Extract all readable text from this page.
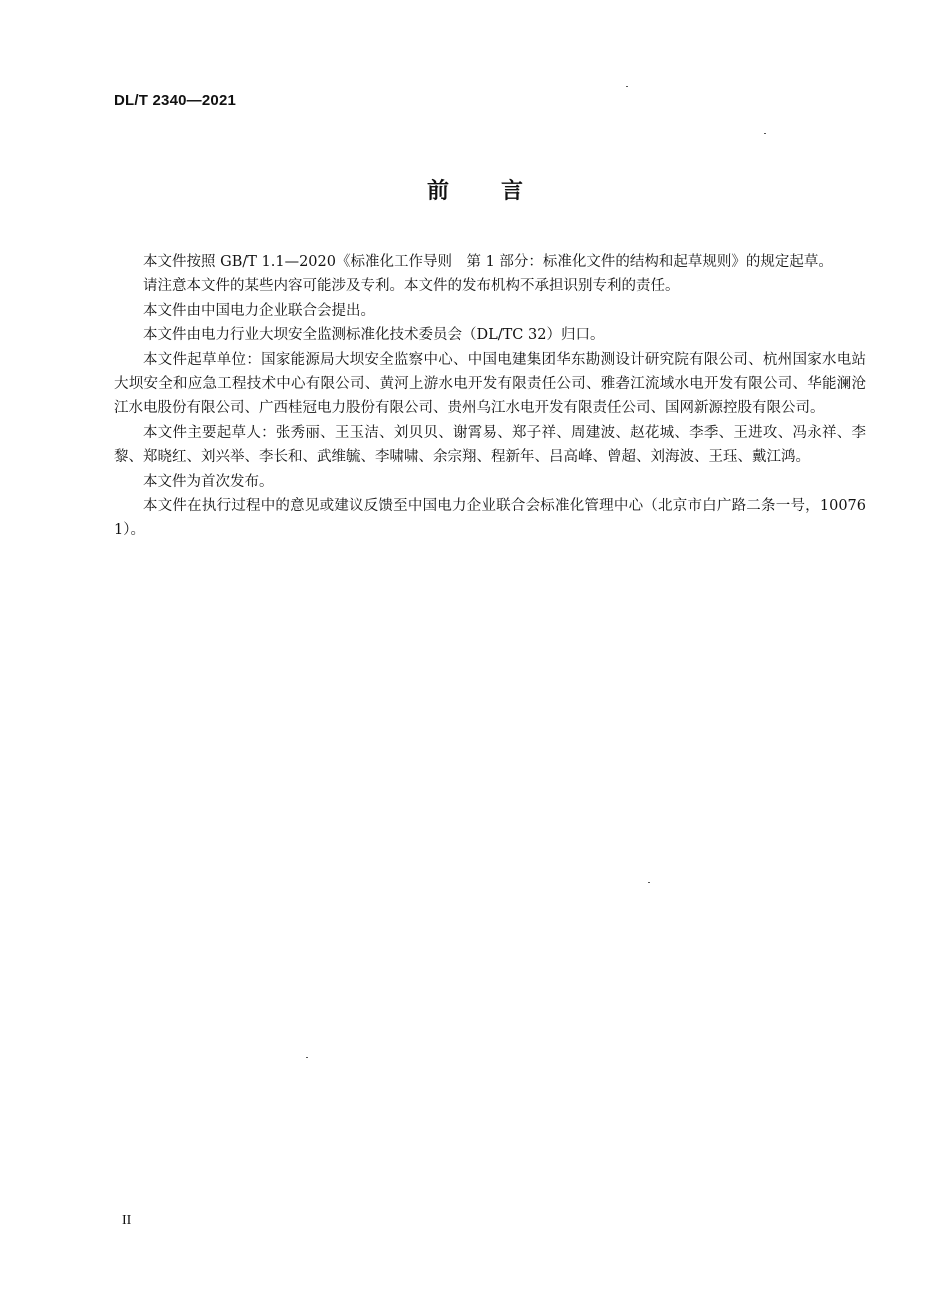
DL/T 2340—2021
前言

本文件按照 GB/T 1.1—2020《标准化工作导则　第 1 部分：标准化文件的结构和起草规则》的规定起草。

请注意本文件的某些内容可能涉及专利。本文件的发布机构不承担识别专利的责任。

本文件由中国电力企业联合会提出。

本文件由电力行业大坝安全监测标准化技术委员会（DL/TC 32）归口。

本文件起草单位：国家能源局大坝安全监察中心、中国电建集团华东勘测设计研究院有限公司、杭州国家水电站大坝安全和应急工程技术中心有限公司、黄河上游水电开发有限责任公司、雅砻江流域水电开发有限公司、华能澜沧江水电股份有限公司、广西桂冠电力股份有限公司、贵州乌江水电开发有限责任公司、国网新源控股有限公司。

本文件主要起草人：张秀丽、王玉洁、刘贝贝、谢霄易、郑子祥、周建波、赵花城、李季、王进攻、冯永祥、李黎、郑晓红、刘兴举、李长和、武维毓、李啸啸、余宗翔、程新年、吕高峰、曾超、刘海波、王珏、戴江鸿。

本文件为首次发布。

本文件在执行过程中的意见或建议反馈至中国电力企业联合会标准化管理中心（北京市白广路二条一号，100761）。

II
